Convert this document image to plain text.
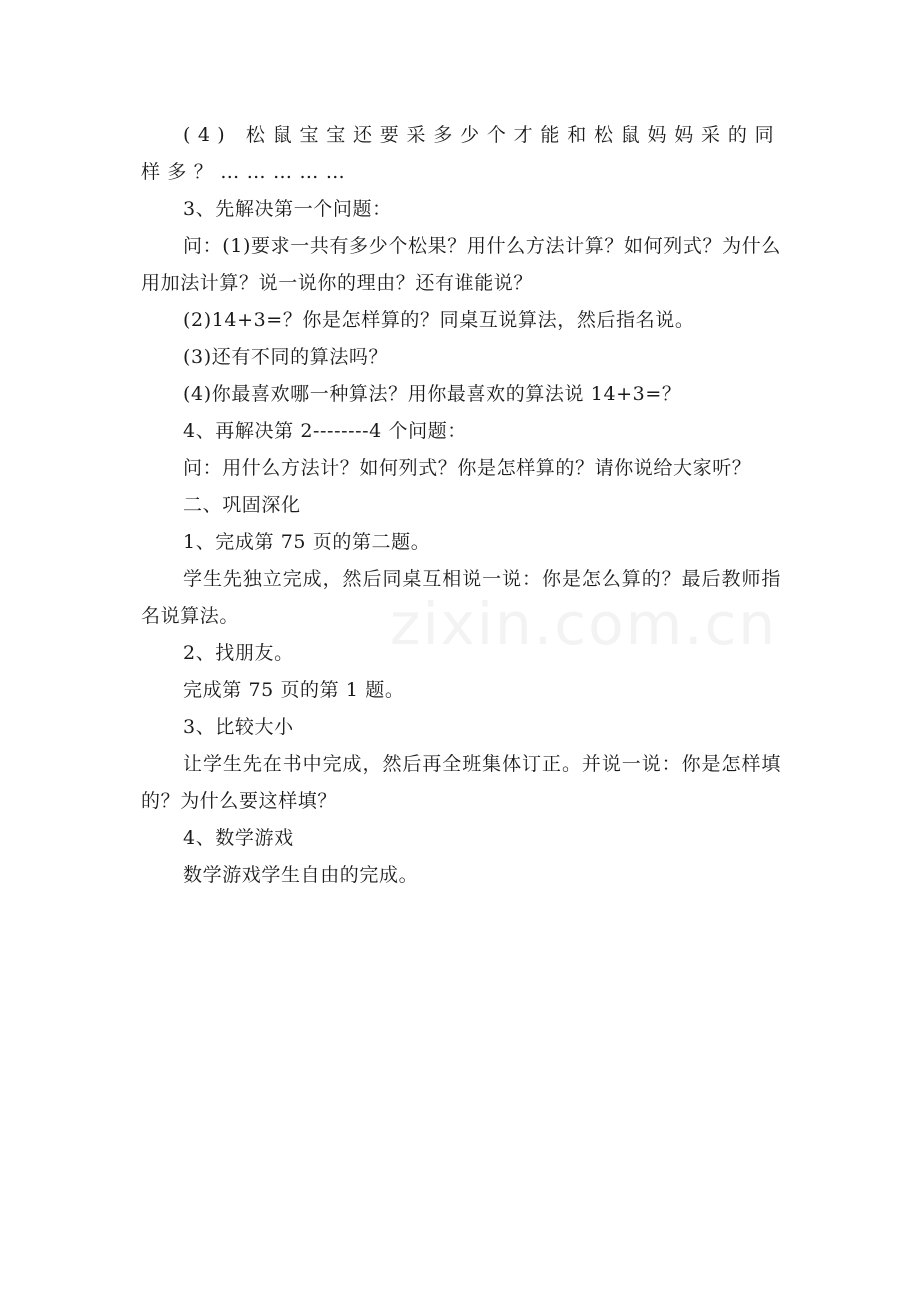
(4) 松鼠宝宝还要采多少个才能和松鼠妈妈采的同样多？……………

3、先解决第一个问题：

问：(1)要求一共有多少个松果？用什么方法计算？如何列式？为什么用加法计算？说一说你的理由？还有谁能说？

(2)14+3=？你是怎样算的？同桌互说算法，然后指名说。

(3)还有不同的算法吗？

(4)你最喜欢哪一种算法？用你最喜欢的算法说 14+3=？

4、再解决第 2--------4 个问题：

问：用什么方法计？如何列式？你是怎样算的？请你说给大家听？

二、巩固深化

1、完成第 75 页的第二题。

学生先独立完成，然后同桌互相说一说：你是怎么算的？最后教师指名说算法。

2、找朋友。

完成第 75 页的第 1 题。

3、比较大小

让学生先在书中完成，然后再全班集体订正。并说一说：你是怎样填的？为什么要这样填？

4、数学游戏

数学游戏学生自由的完成。

zixin.com.cn
